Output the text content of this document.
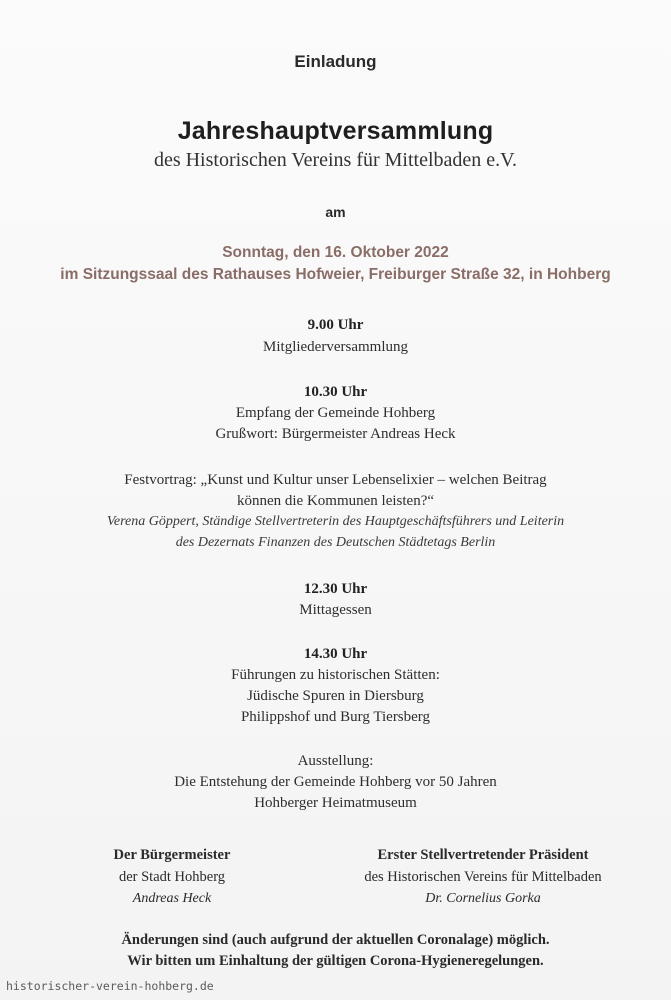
Einladung
Jahreshauptversammlung
des Historischen Vereins für Mittelbaden e.V.
am
Sonntag, den 16. Oktober 2022
im Sitzungssaal des Rathauses Hofweier, Freiburger Straße 32, in Hohberg
9.00 Uhr
Mitgliederversammlung
10.30 Uhr
Empfang der Gemeinde Hohberg
Grußwort: Bürgermeister Andreas Heck
Festvortrag: „Kunst und Kultur unser Lebenselixier – welchen Beitrag
können die Kommunen leisten?“
Verena Göppert, Ständige Stellvertreterin des Hauptgeschäftsführers und Leiterin
des Dezernats Finanzen des Deutschen Städtetags Berlin
12.30 Uhr
Mittagessen
14.30 Uhr
Führungen zu historischen Stätten:
Jüdische Spuren in Diersburg
Philippshof und Burg Tiersberg
Ausstellung:
Die Entstehung der Gemeinde Hohberg vor 50 Jahren
Hohberger Heimatmuseum
Der Bürgermeister
der Stadt Hohberg
Andreas Heck
Erster Stellvertretender Präsident
des Historischen Vereins für Mittelbaden
Dr. Cornelius Gorka
Änderungen sind (auch aufgrund der aktuellen Coronalage) möglich.
Wir bitten um Einhaltung der gültigen Corona-Hygieneregelungen.
historischer-verein-hohberg.de
